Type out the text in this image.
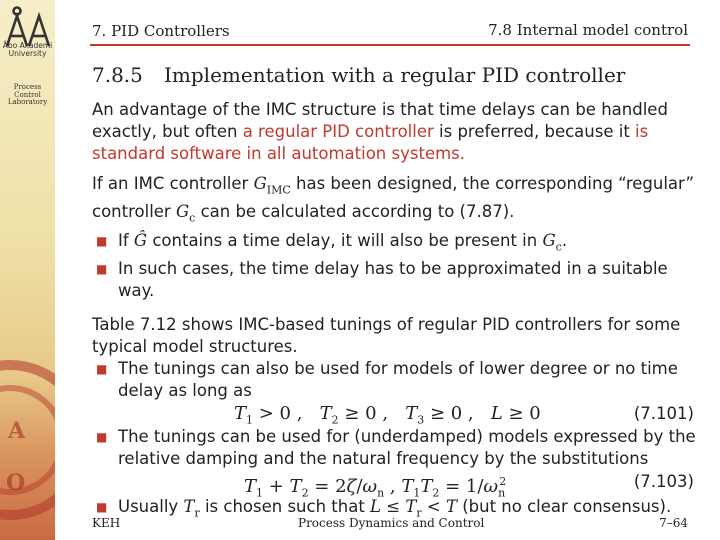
A
O
Åbo Akademi
University
Process
Control
Laboratory
7. PID Controllers	7.8 Internal model control
7.8.5 Implementation with a regular PID controller

An advantage of the IMC structure is that time delays can be handled exactly, but often a regular PID controller is preferred, because it is standard software in all automation systems.

If an IMC controller $G_{IMC}$ has been designed, the corresponding “regular” controller $G_c$ can be calculated according to (7.87).

■ If Ĝ contains a time delay, it will also be present in $G_c$.
■ In such cases, the time delay has to be approximated in a suitable way.

Table 7.12 shows IMC-based tunings of regular PID controllers for some typical model structures.

■ The tunings can also be used for models of lower degree or no time delay as long as
$T_1 > 0$ , $T_2 \ge 0$ , $T_3 \ge 0$ , L ≥ 0	(7.101)
■ The tunings can be used for (underdamped) models expressed by the relative damping and the natural frequency by the substitutions
$T_1 + T_2 = 2\zeta/\omega_n$ , $T_1T_2 = 1/\omega_n^2$	(7.103)
■ Usually $T_r$ is chosen such that $L \le T_r < T$ (but no clear consensus).
KEH	Process Dynamics and Control	7–64
